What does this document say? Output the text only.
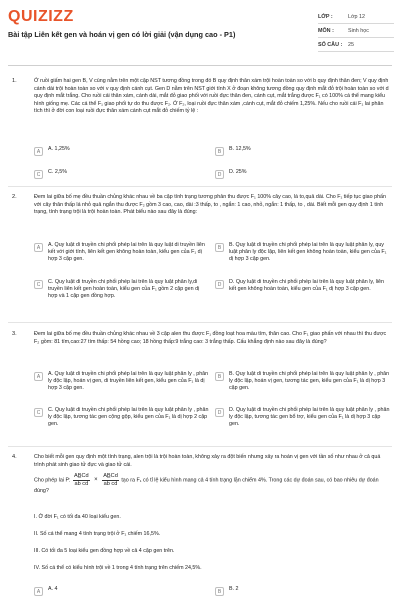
QUIZIZZ
Bài tập Liên kết gen và hoán vị gen có lời giải (vận dụng cao - P1)
LỚP :	Lớp 12
MÔN :	Sinh học
SỐ CÂU :	25
1.	Ở ruồi giấm hai gen B, V cùng nằm trên một cặp NST tương đồng trong đó B quy định thân xám trội hoàn toàn so với b quy định thân đen; V quy định cánh dài trội hoàn toàn so với v quy định cánh cụt. Gen D nằm trên NST giới tính X ở đoạn không tương đồng quy định mắt đỏ trội hoàn toàn so với d quy định mắt trắng. Cho ruồi cái thân xám, cánh dài, mắt đỏ giao phối với ruồi đực thân đen, cánh cụt, mắt trắng được F₁ có 100% cá thể mang kiểu hình giống mẹ. Các cá thể F₁ giao phối tự do thu được F₂. Ở F₂, loại ruồi đực thân xám ,cánh cụt, mắt đỏ chiếm 1,25%. Nếu cho ruồi cái F₁ lai phân tích thì ở đời con loại ruồi đực thân xám cánh cụt mắt đỏ chiếm tỷ lệ :
A	A. 1,25%	B	B. 12,5%
C	C. 2,5%	D	D. 25%
2.	Đem lai giữa bố mẹ đều thuần chủng khác nhau về ba cặp tính trạng tương phản thu được F₁ 100% cây cao, lá to,quả dài. Cho F₁ tiếp tục giao phấn với cây thân thấp lá nhỏ quả ngắn thu được F₂ gồm 3 cao, cao, dài :3 thấp, to , ngắn: 1 cao, nhỏ, ngắn: 1 thấp, to , dài. Biết mỗi gen quy định 1 tính trạng, tính trạng trội là trội hoàn toàn. Phát biểu nào sau đây là đúng:
A	A. Quy luật di truyền chi phối phép lai trên là quy luật di truyền liên kết với giới tính, liên kết gen không hoàn toàn, kiểu gen của F₁ dị hợp 3 cặp gen.
B	B. Quy luật di truyền chi phối phép lai trên là quy luật phân ly, quy luật phân ly độc lập, liên kết gen không hoàn toàn, kiểu gen của F₁ dị hợp 3 cặp gen.
C	C. Quy luật di truyền chi phối phép lai trên là quy luật phân ly,di truyền liên kết gen hoàn toàn, kiểu gen của F₁ gồm 2 cặp gen dị hợp và 1 cặp gen đồng hợp.
D	D. Quy luật di truyền chi phối phép lai trên là quy luật phân ly, liên kết gen không hoàn toàn, kiểu gen của F₁ dị hợp 3 cặp gen.
3.	Đem lai giữa bố mẹ đều thuần chủng khác nhau về 3 cặp alen thu được F₁ đồng loạt hoa màu tím, thân cao. Cho F₁ giao phấn với nhau thì thu được F₂ gồm: 81 tím,cao:27 tím thấp: 54 hồng cao; 18 hồng thấp:9 trắng cao: 3 trắng thấp. Cấu khẳng định nào sau đây là đúng?
A	A. Quy luật di truyền chi phối phép lai trên là quy luật phân ly , phân ly độc lập, hoán vị gen, di truyền liên kết gen, kiểu gen của F₁ là dị hợp 3 cặp gen.
B	B. Quy luật di truyền chi phối phép lai trên là quy luật phân ly , phân ly độc lập, hoán vị gen, tương tác gen, kiểu gen của F₁ là dị hợp 3 cặp gen.
C	C. Quy luật di truyền chi phối phép lai trên là quy luật phân ly , phân ly độc lập, tương tác gen cộng gộp, kiểu gen của F₁ là dị hợp 2 cặp gen.
D	D. Quy luật di truyền chi phối phép lai trên là quy luật phân ly , phân ly độc lập, tương tác gen bổ trợ, kiểu gen của F₁ là dị hợp 3 cặp gen.
4.	Cho biết mỗi gen quy định một tính trạng, alen trội là trội hoàn toàn, không xảy ra đột biến nhưng xảy ra hoán vị gen với tần số như nhau ở cả quá trình phát sinh giao tử đực và giao tử cái.
Cho phép lai P: $\frac{AB̲Cd}{\text{ab cd}} \times \frac{AB̲Cd}{\text{ab cd}}$ tạo ra F₁ có tỉ lệ kiểu hình mang cả 4 tính trạng lặn chiếm 4%. Trong các dự đoán sau, có bao nhiêu dự đoán đúng?
I. Ở đời F₁ có tối đa 40 loại kiểu gen.
II. Số cá thể mang 4 tính trạng trội ở F₁ chiếm 16,5%.
III. Có tối đa 5 loại kiểu gen đồng hợp về cả 4 cặp gen trên.
IV. Số cá thể có kiểu hình trội về 1 trong 4 tính trạng trên chiếm 24,5%.
A	A. 4	B	B. 2
